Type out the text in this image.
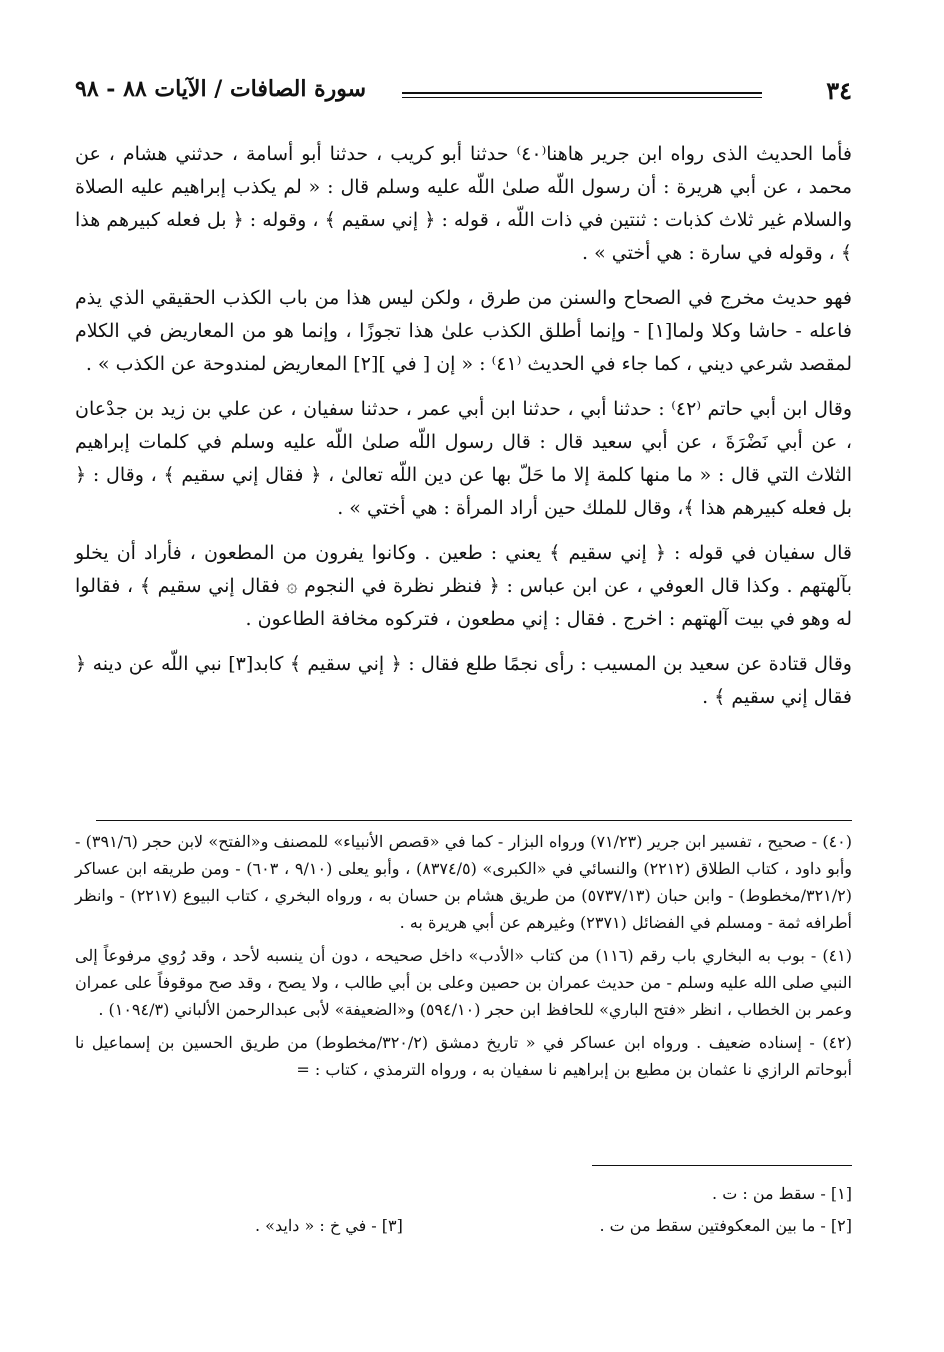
٣٤
سورة الصافات / الآيات ٨٨ - ٩٨

فأما الحديث الذى رواه ابن جرير هاهنا⁽٤٠⁾ حدثنا أبو كريب ، حدثنا أبو أسامة ، حدثني هشام ، عن محمد ، عن أبي هريرة : أن رسول اللّه صلىٰ اللّه عليه وسلم قال : « لم يكذب إبراهيم عليه الصلاة والسلام غير ثلاث كذبات : ثنتين في ذات اللّه ، قوله : ﴿ إني سقيم ﴾ ، وقوله : ﴿ بل فعله كبيرهم هذا ﴾ ، وقوله في سارة : هي أختي » .

فهو حديث مخرج في الصحاح والسنن من طرق ، ولكن ليس هذا من باب الكذب الحقيقي الذي يذم فاعله - حاشا وكلا ولما[١] - وإنما أطلق الكذب علىٰ هذا تجوزًا ، وإنما هو من المعاريض في الكلام لمقصد شرعي ديني ، كما جاء في الحديث ⁽٤١⁾ : « إن [ في ][٢] المعاريض لمندوحة عن الكذب » .

وقال ابن أبي حاتم ⁽٤٢⁾ : حدثنا أبي ، حدثنا ابن أبي عمر ، حدثنا سفيان ، عن علي بن زيد بن جدْعان ، عن أبي نَضْرَةَ ، عن أبي سعيد قال : قال رسول اللّه صلىٰ اللّه عليه وسلم في كلمات إبراهيم الثلاث التي قال : « ما منها كلمة إلا ما حَلّ بها عن دين اللّه تعالىٰ ، ﴿ فقال إني سقيم ﴾ ، وقال : ﴿ بل فعله كبيرهم هذا ﴾، وقال للملك حين أراد المرأة : هي أختي » .

قال سفيان في قوله : ﴿ إني سقيم ﴾ يعني : طعين . وكانوا يفرون من المطعون ، فأراد أن يخلو بآلهتهم . وكذا قال العوفي ، عن ابن عباس : ﴿ فنظر نظرة في النجوم ۞ فقال إني سقيم ﴾ ، فقالوا له وهو في بيت آلهتهم : اخرج . فقال : إني مطعون ، فتركوه مخافة الطاعون .

وقال قتادة عن سعيد بن المسيب : رأى نجمًا طلع فقال : ﴿ إني سقيم ﴾ كابد[٣] نبي اللّه عن دينه ﴿ فقال إني سقيم ﴾ .

(٤٠) - صحيح ، تفسير ابن جرير (٧١/٢٣) ورواه البزار - كما في «قصص الأنبياء» للمصنف و«الفتح» لابن حجر (٣٩١/٦) - وأبو داود ، كتاب الطلاق (٢٢١٢) والنسائي في «الكبرى» (٨٣٧٤/٥) ، وأبو يعلى (٩/١٠ ، ٦٠٣) - ومن طريقه ابن عساكر (٣٢١/٢/مخطوط) - وابن حبان (٥٧٣٧/١٣) من طريق هشام بن حسان به ، ورواه البخري ، كتاب البيوع (٢٢١٧) - وانظر أطرافه ثمة - ومسلم في الفضائل (٢٣٧١) وغيرهم عن أبي هريرة به .

(٤١) - بوب به البخاري باب رقم (١١٦) من كتاب «الأدب» داخل صحيحه ، دون أن ينسبه لأحد ، وقد رُوي مرفوعاً إلى النبي صلى الله عليه وسلم - من حديث عمران بن حصين وعلى بن أبي طالب ، ولا يصح ، وقد صح موقوفاً على عمران وعمر بن الخطاب ، انظر «فتح الباري» للحافظ ابن حجر (٥٩٤/١٠) و«الضعيفة» لأبى عبدالرحمن الألباني (١٠٩٤/٣) .

(٤٢) - إسناده ضعيف . ورواه ابن عساكر في « تاريخ دمشق (٣٢٠/٢/مخطوط) من طريق الحسين بن إسماعيل نا أبوحاتم الرازي نا عثمان بن مطيع بن إبراهيم نا سفيان به ، ورواه الترمذي ، كتاب : =

[١] - سقط من : ت .
[٢] - ما بين المعكوفتين سقط من ت .
[٣] - في خ : « دايد» .
